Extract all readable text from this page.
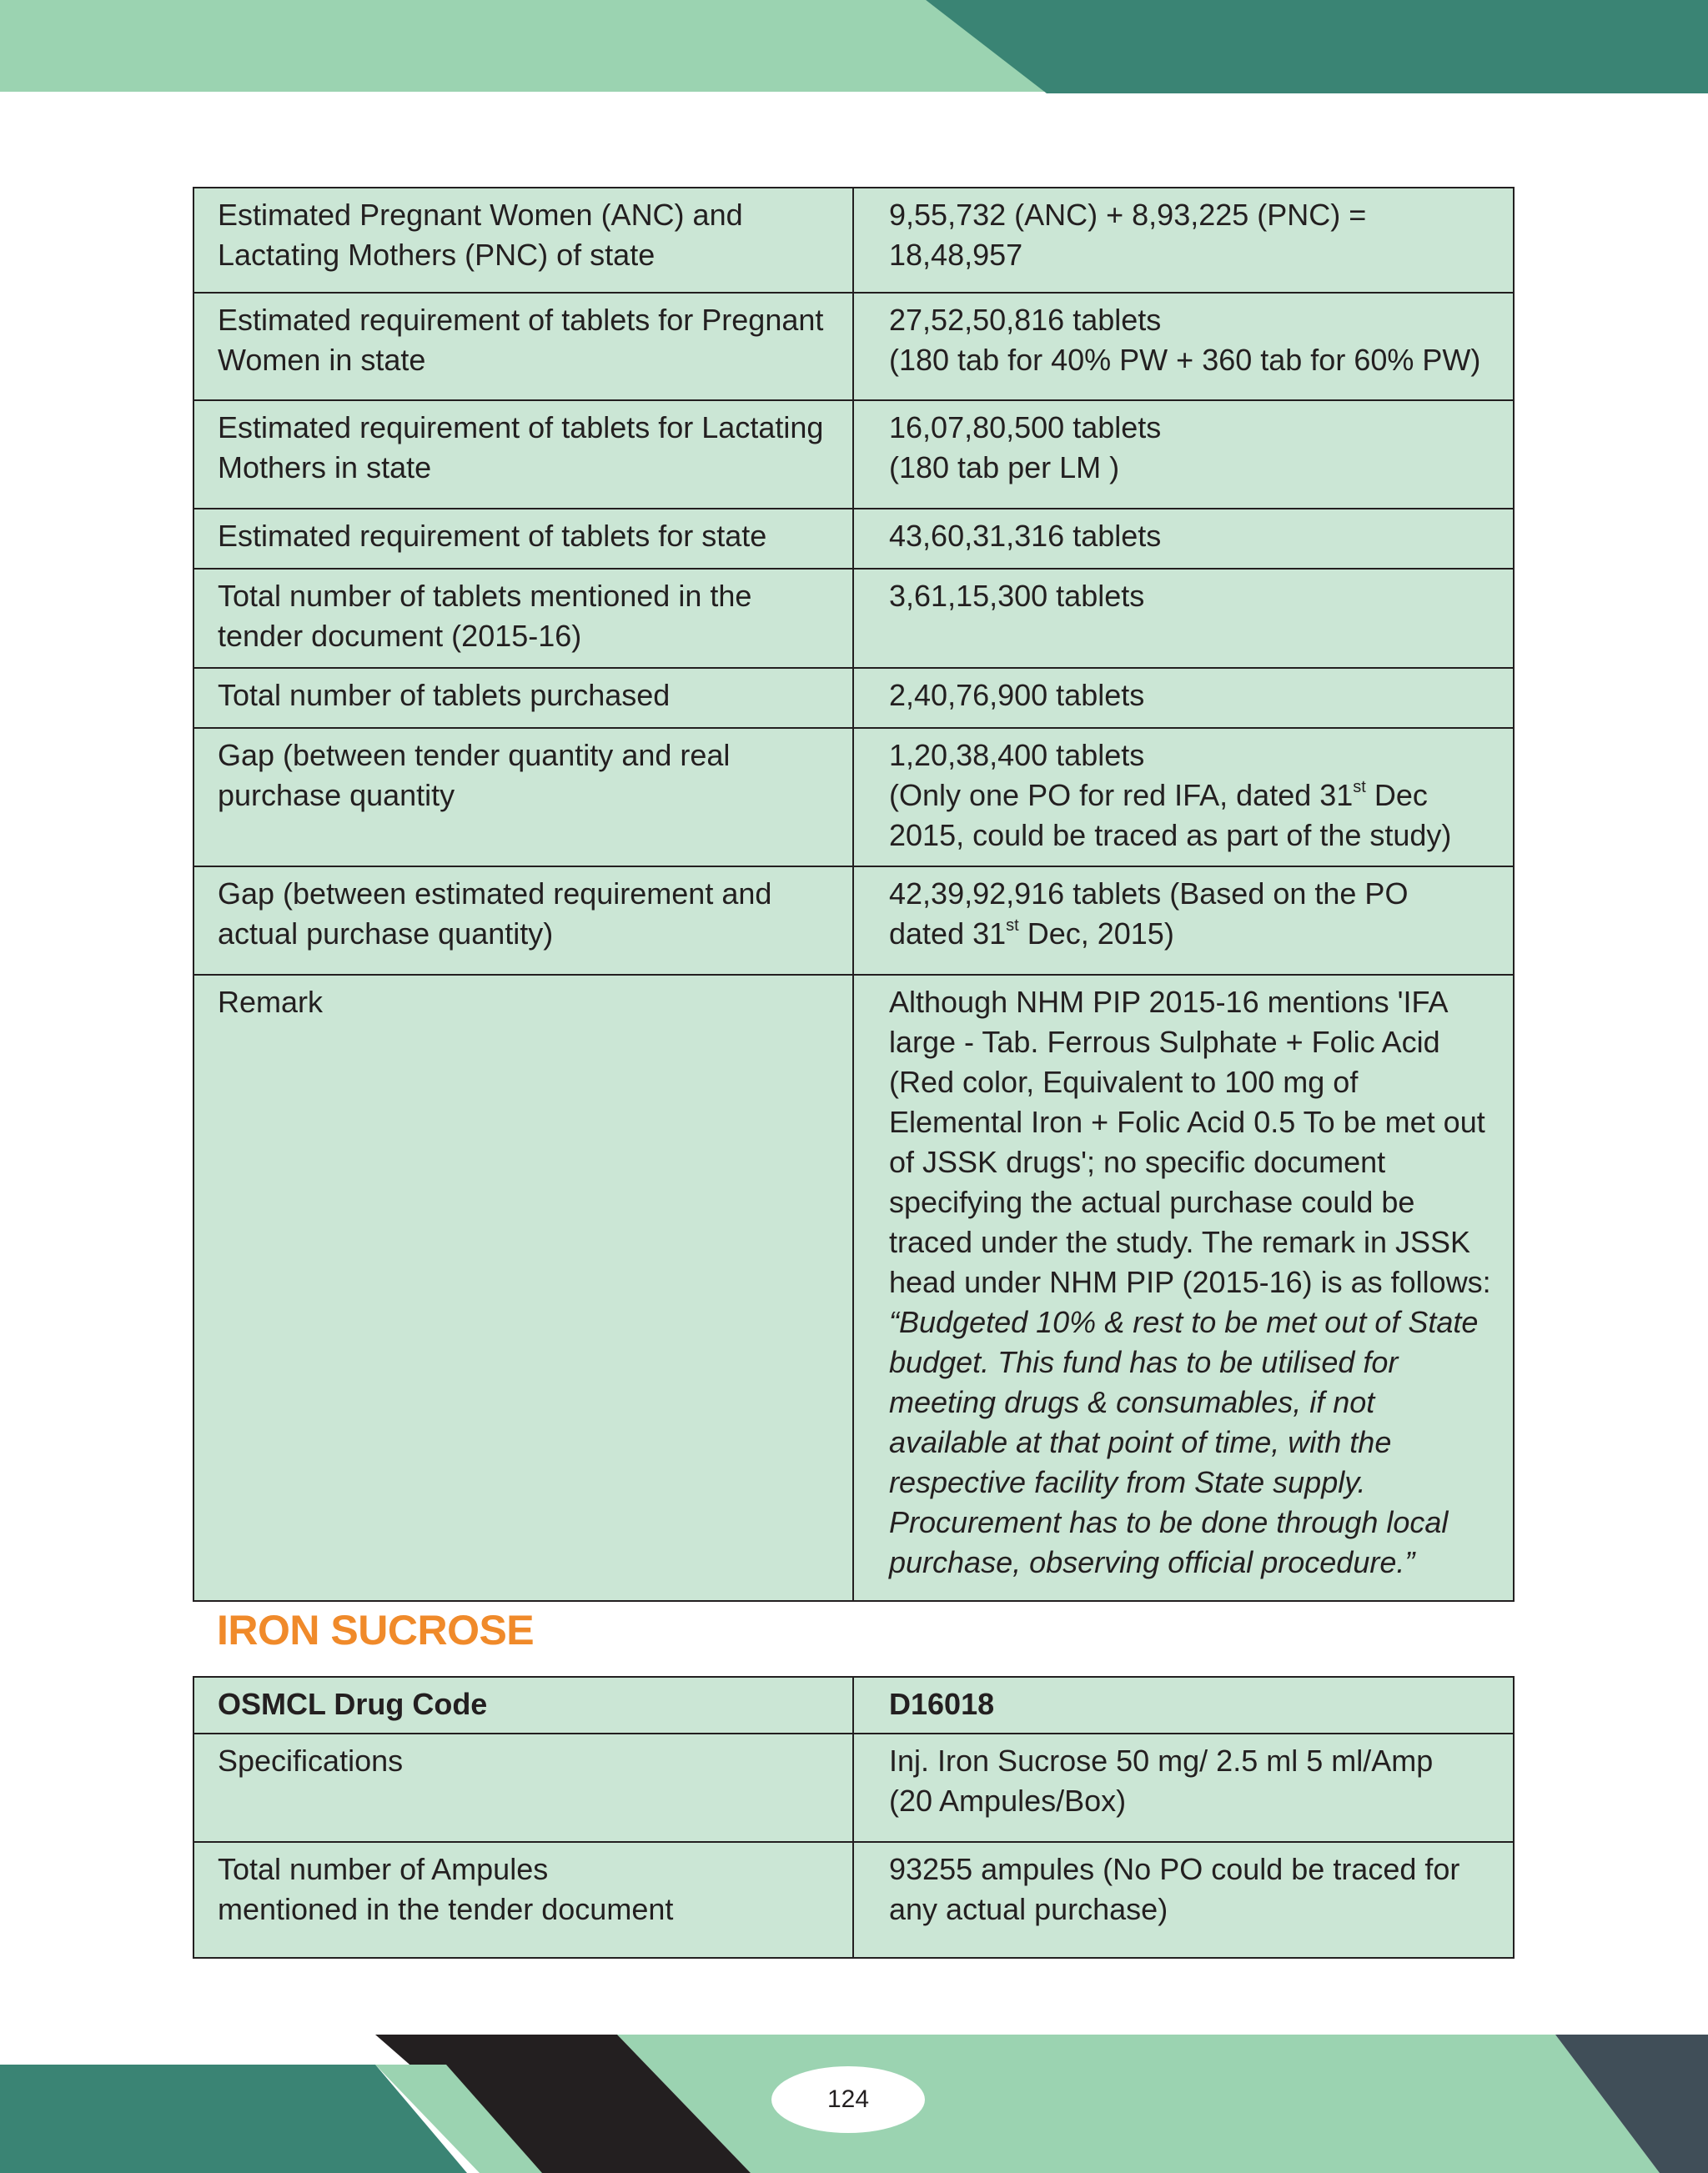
Estimated Pregnant Women (ANC) and Lactating Mothers (PNC) of state	9,55,732 (ANC) + 8,93,225 (PNC) = 18,48,957
Estimated requirement of tablets for Pregnant Women in state	27,52,50,816 tablets
(180 tab for 40% PW + 360 tab for 60% PW)
Estimated requirement of tablets for Lactating Mothers in state	16,07,80,500 tablets
(180 tab per LM )
Estimated requirement of tablets for state	43,60,31,316 tablets
Total number of tablets mentioned in the tender document (2015-16)	3,61,15,300 tablets
Total number of tablets purchased	2,40,76,900 tablets
Gap (between tender quantity and real purchase quantity	1,20,38,400 tablets
(Only one PO for red IFA, dated 31st Dec 2015, could be traced as part of the study)
Gap (between estimated requirement and actual purchase quantity)	42,39,92,916 tablets (Based on the PO dated 31st Dec, 2015)
Remark	Although NHM PIP 2015-16 mentions 'IFA large - Tab. Ferrous Sulphate + Folic Acid (Red color, Equivalent to 100 mg of Elemental Iron + Folic Acid 0.5 To be met out of JSSK drugs'; no specific document specifying the actual purchase could be traced under the study. The remark in JSSK head under NHM PIP (2015-16) is as follows: “Budgeted 10% & rest to be met out of State budget. This fund has to be utilised for meeting drugs & consumables, if not available at that point of time, with the respective facility from State supply. Procurement has to be done through local purchase, observing official procedure.”
IRON SUCROSE
OSMCL Drug Code	D16018
Specifications	Inj. Iron Sucrose 50 mg/ 2.5 ml 5 ml/Amp
(20 Ampules/Box)
Total number of Ampules
mentioned in the tender document	93255 ampules (No PO could be traced for any actual purchase)
124
